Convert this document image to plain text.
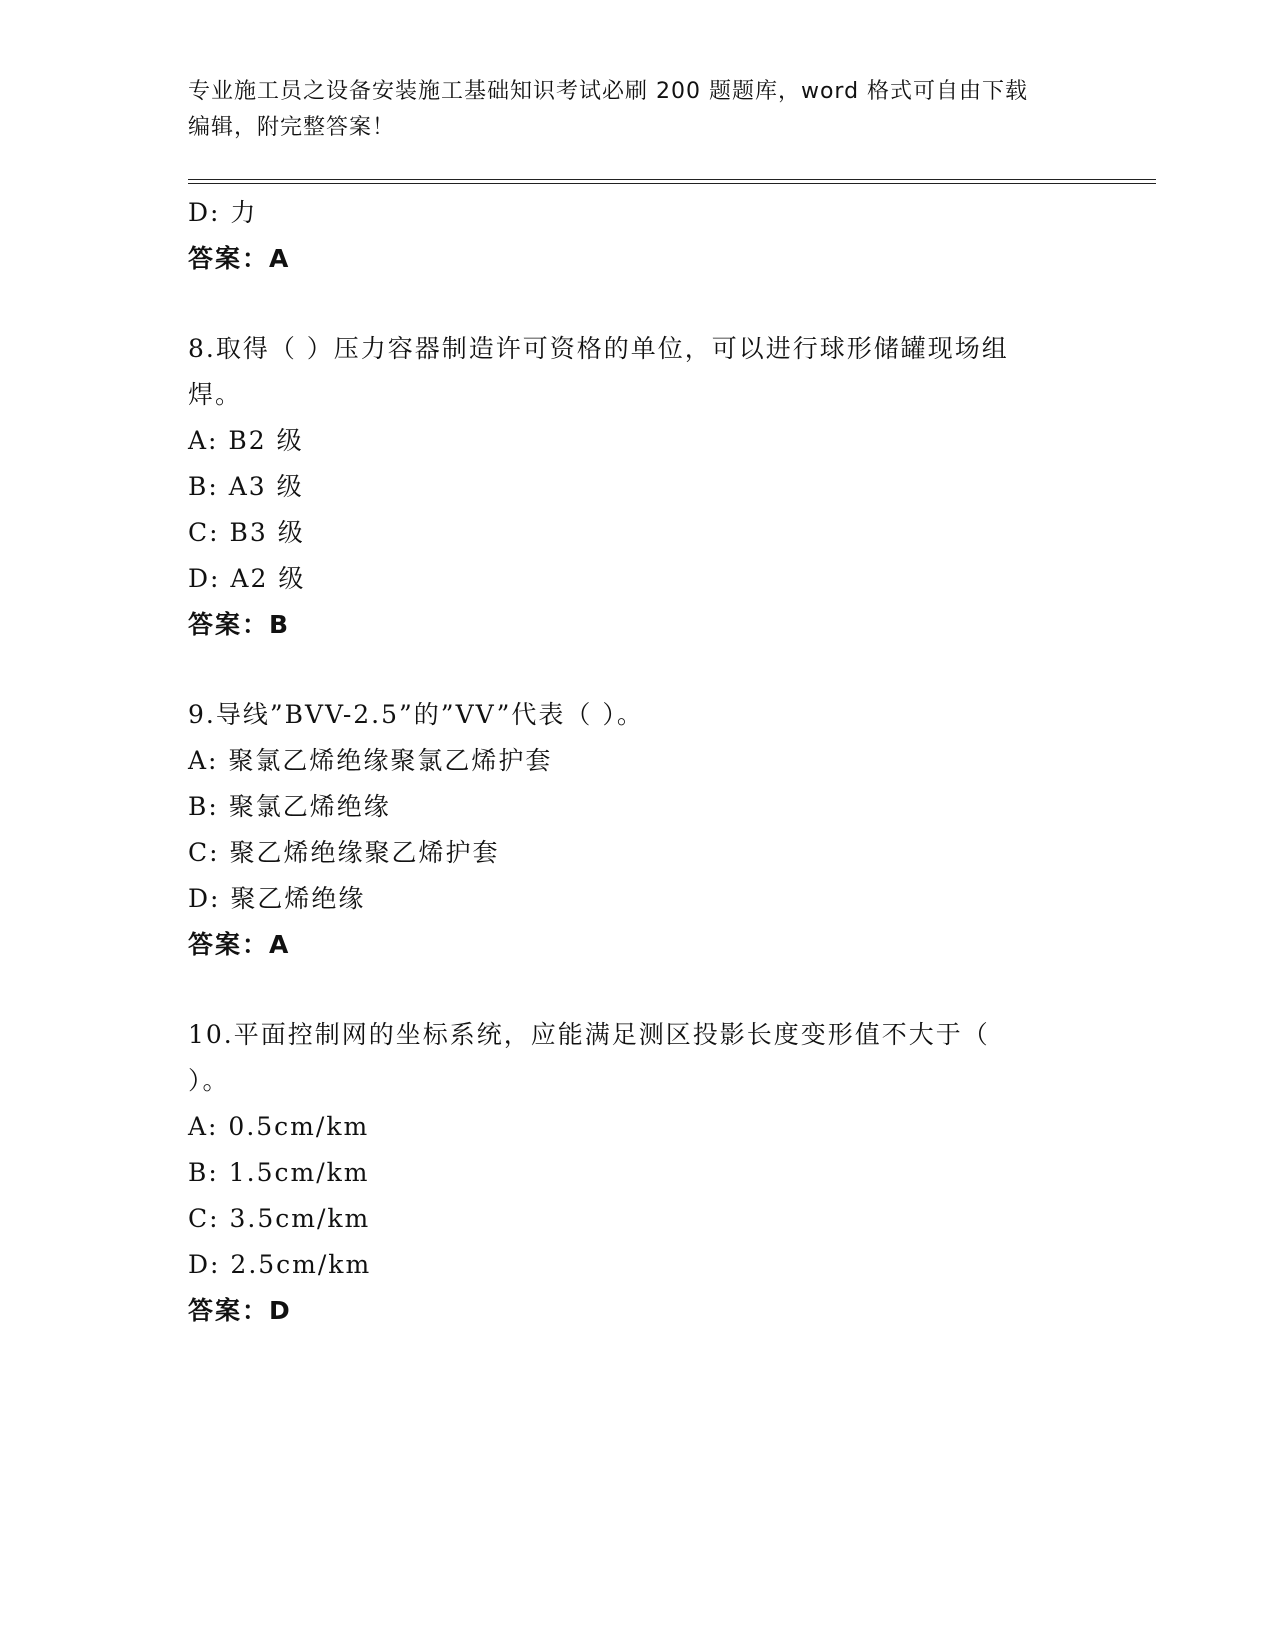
专业施工员之设备安装施工基础知识考试必刷 200 题题库，word 格式可自由下载
编辑，附完整答案！
D: 力
答案：A
8.取得（ ）压力容器制造许可资格的单位，可以进行球形储罐现场组
焊。
A: B2 级
B: A3 级
C: B3 级
D: A2 级
答案：B
9.导线”BVV-2.5”的”VV”代表（ ）。
A: 聚氯乙烯绝缘聚氯乙烯护套
B: 聚氯乙烯绝缘
C: 聚乙烯绝缘聚乙烯护套
D: 聚乙烯绝缘
答案：A
10.平面控制网的坐标系统，应能满足测区投影长度变形值不大于（
）。
A: 0.5cm/km
B: 1.5cm/km
C: 3.5cm/km
D: 2.5cm/km
答案：D
